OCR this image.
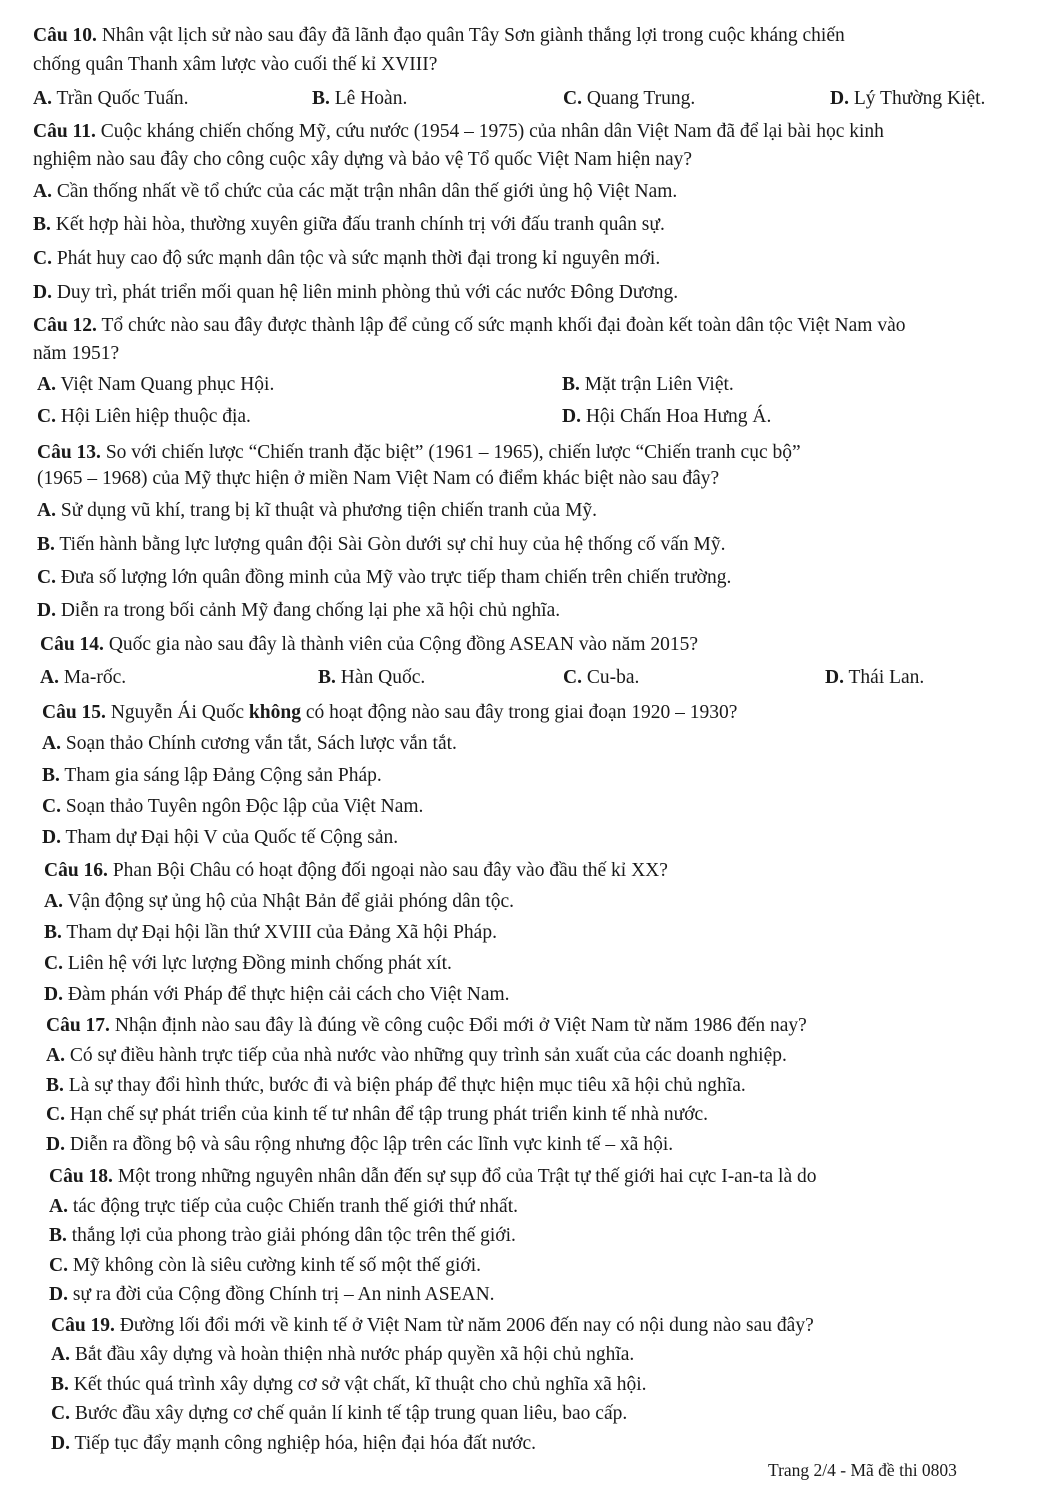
Câu 10. Nhân vật lịch sử nào sau đây đã lãnh đạo quân Tây Sơn giành thắng lợi trong cuộc kháng chiến
chống quân Thanh xâm lược vào cuối thế kỉ XVIII?
A. Trần Quốc Tuấn.	B. Lê Hoàn.	C. Quang Trung.	D. Lý Thường Kiệt.
Câu 11. Cuộc kháng chiến chống Mỹ, cứu nước (1954 – 1975) của nhân dân Việt Nam đã để lại bài học kinh
nghiệm nào sau đây cho công cuộc xây dựng và bảo vệ Tổ quốc Việt Nam hiện nay?
A. Cần thống nhất về tổ chức của các mặt trận nhân dân thế giới ủng hộ Việt Nam.
B. Kết hợp hài hòa, thường xuyên giữa đấu tranh chính trị với đấu tranh quân sự.
C. Phát huy cao độ sức mạnh dân tộc và sức mạnh thời đại trong kỉ nguyên mới.
D. Duy trì, phát triển mối quan hệ liên minh phòng thủ với các nước Đông Dương.
Câu 12. Tổ chức nào sau đây được thành lập để củng cố sức mạnh khối đại đoàn kết toàn dân tộc Việt Nam vào
năm 1951?
A. Việt Nam Quang phục Hội.	B. Mặt trận Liên Việt.
C. Hội Liên hiệp thuộc địa.	D. Hội Chấn Hoa Hưng Á.
Câu 13. So với chiến lược “Chiến tranh đặc biệt” (1961 – 1965), chiến lược “Chiến tranh cục bộ”
(1965 – 1968) của Mỹ thực hiện ở miền Nam Việt Nam có điểm khác biệt nào sau đây?
A. Sử dụng vũ khí, trang bị kĩ thuật và phương tiện chiến tranh của Mỹ.
B. Tiến hành bằng lực lượng quân đội Sài Gòn dưới sự chỉ huy của hệ thống cố vấn Mỹ.
C. Đưa số lượng lớn quân đồng minh của Mỹ vào trực tiếp tham chiến trên chiến trường.
D. Diễn ra trong bối cảnh Mỹ đang chống lại phe xã hội chủ nghĩa.
Câu 14. Quốc gia nào sau đây là thành viên của Cộng đồng ASEAN vào năm 2015?
A. Ma-rốc.	B. Hàn Quốc.	C. Cu-ba.	D. Thái Lan.
Câu 15. Nguyễn Ái Quốc không có hoạt động nào sau đây trong giai đoạn 1920 – 1930?
A. Soạn thảo Chính cương vắn tắt, Sách lược vắn tắt.
B. Tham gia sáng lập Đảng Cộng sản Pháp.
C. Soạn thảo Tuyên ngôn Độc lập của Việt Nam.
D. Tham dự Đại hội V của Quốc tế Cộng sản.
Câu 16. Phan Bội Châu có hoạt động đối ngoại nào sau đây vào đầu thế kỉ XX?
A. Vận động sự ủng hộ của Nhật Bản để giải phóng dân tộc.
B. Tham dự Đại hội lần thứ XVIII của Đảng Xã hội Pháp.
C. Liên hệ với lực lượng Đồng minh chống phát xít.
D. Đàm phán với Pháp để thực hiện cải cách cho Việt Nam.
Câu 17. Nhận định nào sau đây là đúng về công cuộc Đổi mới ở Việt Nam từ năm 1986 đến nay?
A. Có sự điều hành trực tiếp của nhà nước vào những quy trình sản xuất của các doanh nghiệp.
B. Là sự thay đổi hình thức, bước đi và biện pháp để thực hiện mục tiêu xã hội chủ nghĩa.
C. Hạn chế sự phát triển của kinh tế tư nhân để tập trung phát triển kinh tế nhà nước.
D. Diễn ra đồng bộ và sâu rộng nhưng độc lập trên các lĩnh vực kinh tế – xã hội.
Câu 18. Một trong những nguyên nhân dẫn đến sự sụp đổ của Trật tự thế giới hai cực I-an-ta là do
A. tác động trực tiếp của cuộc Chiến tranh thế giới thứ nhất.
B. thắng lợi của phong trào giải phóng dân tộc trên thế giới.
C. Mỹ không còn là siêu cường kinh tế số một thế giới.
D. sự ra đời của Cộng đồng Chính trị – An ninh ASEAN.
Câu 19. Đường lối đổi mới về kinh tế ở Việt Nam từ năm 2006 đến nay có nội dung nào sau đây?
A. Bắt đầu xây dựng và hoàn thiện nhà nước pháp quyền xã hội chủ nghĩa.
B. Kết thúc quá trình xây dựng cơ sở vật chất, kĩ thuật cho chủ nghĩa xã hội.
C. Bước đầu xây dựng cơ chế quản lí kinh tế tập trung quan liêu, bao cấp.
D. Tiếp tục đẩy mạnh công nghiệp hóa, hiện đại hóa đất nước.
Trang 2/4 - Mã đề thi 0803
